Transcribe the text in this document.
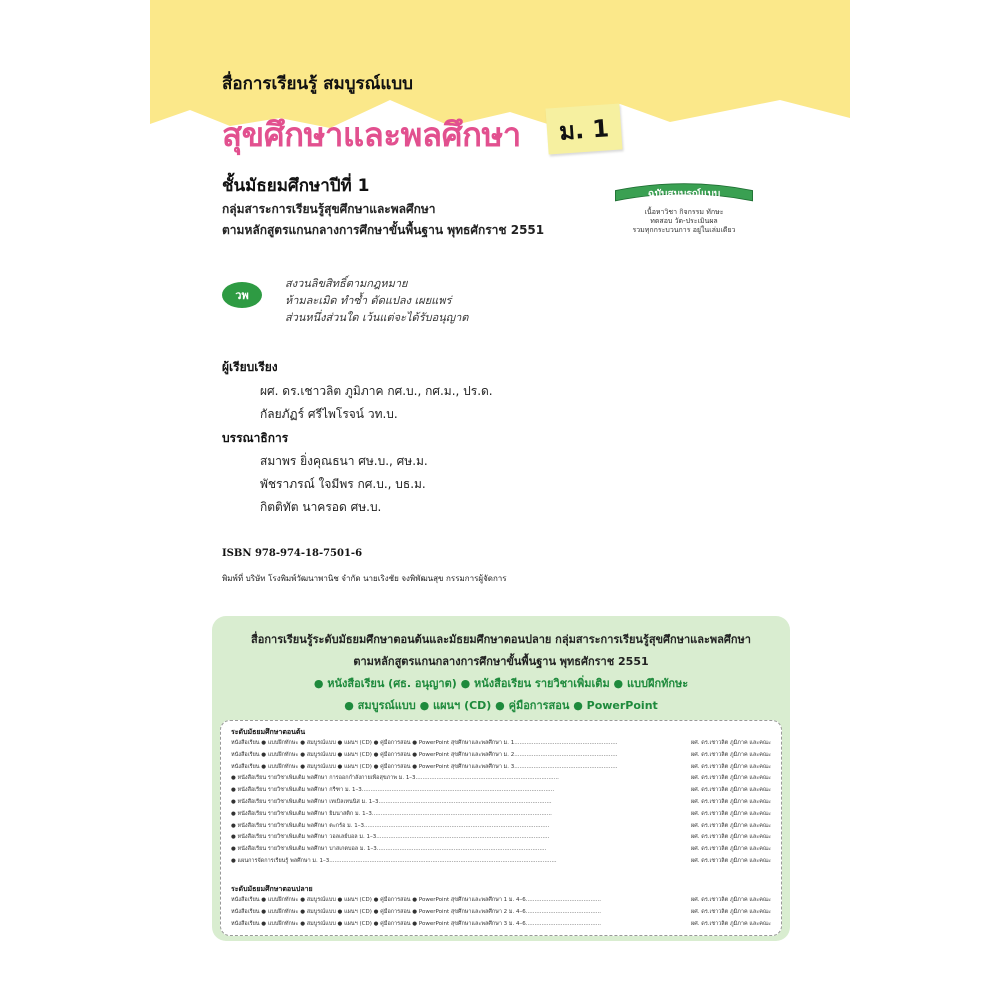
สื่อการเรียนรู้ สมบูรณ์แบบ
สุขศึกษาและพลศึกษา	ม. 1
ชั้นมัธยมศึกษาปีที่ 1
กลุ่มสาระการเรียนรู้สุขศึกษาและพลศึกษา
ตามหลักสูตรแกนกลางการศึกษาขั้นพื้นฐาน พุทธศักราช 2551
ฉบับสมบูรณ์แบบ
เนื้อหาวิชา กิจกรรม ทักษะ
ทดสอบ วัด-ประเมินผล
รวมทุกกระบวนการ อยู่ในเล่มเดียว
วพ
สงวนลิขสิทธิ์ตามกฎหมาย
ห้ามละเมิด ทำซ้ำ ดัดแปลง เผยแพร่
ส่วนหนึ่งส่วนใด เว้นแต่จะได้รับอนุญาต
ผู้เรียบเรียง
ผศ. ดร.เชาวลิต ภูมิภาค กศ.บ., กศ.ม., ปร.ด.
กัลยภัฏร์ ศรีไพโรจน์ วท.บ.
บรรณาธิการ
สมาพร ยิ่งคุณธนา ศษ.บ., ศษ.ม.
พัชราภรณ์ ใจมีพร กศ.บ., บธ.ม.
กิตติทัต นาครอด ศษ.บ.
ISBN 978-974-18-7501-6
พิมพ์ที่ บริษัท โรงพิมพ์วัฒนาพานิช จำกัด นายเริงชัย จงพิพัฒนสุข กรรมการผู้จัดการ
สื่อการเรียนรู้ระดับมัธยมศึกษาตอนต้นและมัธยมศึกษาตอนปลาย กลุ่มสาระการเรียนรู้สุขศึกษาและพลศึกษา
ตามหลักสูตรแกนกลางการศึกษาขั้นพื้นฐาน พุทธศักราช 2551
● หนังสือเรียน (ศธ. อนุญาต) ● หนังสือเรียน รายวิชาเพิ่มเติม ● แบบฝึกทักษะ
● สมบูรณ์แบบ ● แผนฯ (CD) ● คู่มือการสอน ● PowerPoint
ระดับมัธยมศึกษาตอนต้น
หนังสือเรียน ● แบบฝึกทักษะ ● สมบูรณ์แบบ ● แผนฯ (CD) ● คู่มือการสอน ● PowerPoint สุขศึกษาและพลศึกษา ม. 1...........................................................	ผศ. ดร.เชาวลิต ภูมิภาค และคณะ
หนังสือเรียน ● แบบฝึกทักษะ ● สมบูรณ์แบบ ● แผนฯ (CD) ● คู่มือการสอน ● PowerPoint สุขศึกษาและพลศึกษา ม. 2...........................................................	ผศ. ดร.เชาวลิต ภูมิภาค และคณะ
หนังสือเรียน ● แบบฝึกทักษะ ● สมบูรณ์แบบ ● แผนฯ (CD) ● คู่มือการสอน ● PowerPoint สุขศึกษาและพลศึกษา ม. 3...........................................................	ผศ. ดร.เชาวลิต ภูมิภาค และคณะ
● หนังสือเรียน รายวิชาเพิ่มเติม พลศึกษา การออกกำลังกายเพื่อสุขภาพ ม. 1–3..................................................................................	ผศ. ดร.เชาวลิต ภูมิภาค และคณะ
● หนังสือเรียน รายวิชาเพิ่มเติม พลศึกษา กรีฑา ม. 1–3..............................................................................................................	ผศ. ดร.เชาวลิต ภูมิภาค และคณะ
● หนังสือเรียน รายวิชาเพิ่มเติม พลศึกษา เทเบิลเทนนิส ม. 1–3...................................................................................................	ผศ. ดร.เชาวลิต ภูมิภาค และคณะ
● หนังสือเรียน รายวิชาเพิ่มเติม พลศึกษา ยิมนาสติก ม. 1–3.......................................................................................................	ผศ. ดร.เชาวลิต ภูมิภาค และคณะ
● หนังสือเรียน รายวิชาเพิ่มเติม พลศึกษา ตะกร้อ ม. 1–3..........................................................................................................	ผศ. ดร.เชาวลิต ภูมิภาค และคณะ
● หนังสือเรียน รายวิชาเพิ่มเติม พลศึกษา วอลเลย์บอล ม. 1–3...................................................................................................	ผศ. ดร.เชาวลิต ภูมิภาค และคณะ
● หนังสือเรียน รายวิชาเพิ่มเติม พลศึกษา บาสเกตบอล ม. 1–3.................................................................................................	ผศ. ดร.เชาวลิต ภูมิภาค และคณะ
● แผนการจัดการเรียนรู้ พลศึกษา ม. 1–3..................................................................................................................................	ผศ. ดร.เชาวลิต ภูมิภาค และคณะ
ระดับมัธยมศึกษาตอนปลาย
หนังสือเรียน ● แบบฝึกทักษะ ● สมบูรณ์แบบ ● แผนฯ (CD) ● คู่มือการสอน ● PowerPoint สุขศึกษาและพลศึกษา 1 ม. 4–6...........................................	ผศ. ดร.เชาวลิต ภูมิภาค และคณะ
หนังสือเรียน ● แบบฝึกทักษะ ● สมบูรณ์แบบ ● แผนฯ (CD) ● คู่มือการสอน ● PowerPoint สุขศึกษาและพลศึกษา 2 ม. 4–6...........................................	ผศ. ดร.เชาวลิต ภูมิภาค และคณะ
หนังสือเรียน ● แบบฝึกทักษะ ● สมบูรณ์แบบ ● แผนฯ (CD) ● คู่มือการสอน ● PowerPoint สุขศึกษาและพลศึกษา 3 ม. 4–6...........................................	ผศ. ดร.เชาวลิต ภูมิภาค และคณะ
